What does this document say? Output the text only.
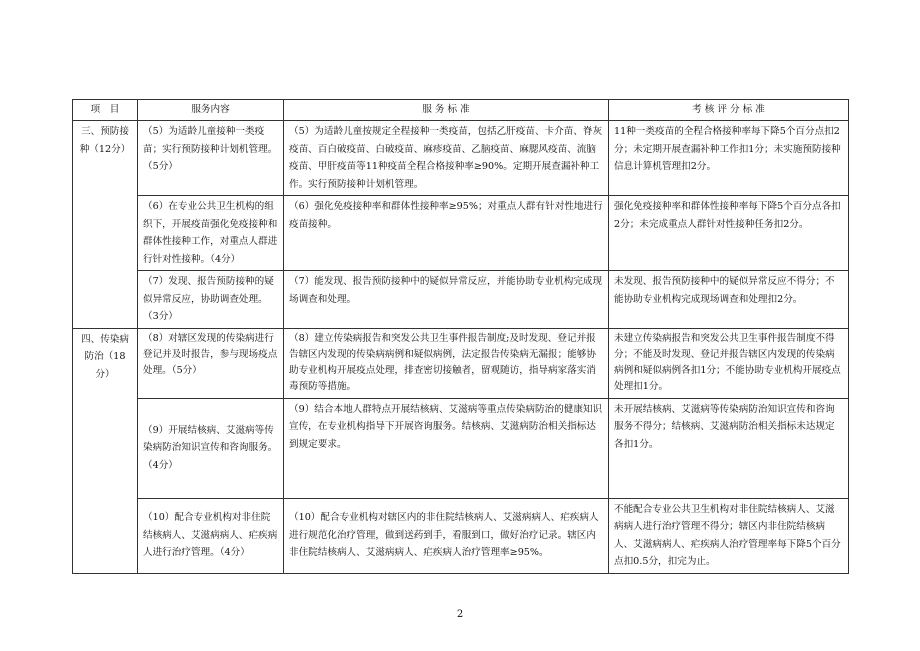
项　目	服务内容	服 务 标 准	考 核 评 分 标 准
三、预防接种（12分）	（5）为适龄儿童接种一类疫苗；实行预防接种计划机管理。（5分）	（5）为适龄儿童按规定全程接种一类疫苗，包括乙肝疫苗、卡介苗、脊灰疫苗、百白破疫苗、白破疫苗、麻疹疫苗、乙脑疫苗、麻腮风疫苗、流脑疫苗、甲肝疫苗等11种疫苗全程合格接种率≥90%。定期开展查漏补种工作。实行预防接种计划机管理。	11种一类疫苗的全程合格接种率每下降5个百分点扣2分；未定期开展查漏补种工作扣1分；未实施预防接种信息计算机管理扣2分。
	（6）在专业公共卫生机构的组织下，开展疫苗强化免疫接种和群体性接种工作，对重点人群进行针对性接种。（4分）	（6）强化免疫接种率和群体性接种率≥95%；对重点人群有针对性地进行疫苗接种。	强化免疫接种率和群体性接种率每下降5个百分点各扣2分；未完成重点人群针对性接种任务扣2分。
	（7）发现、报告预防接种的疑似异常反应，协助调查处理。（3分）	（7）能发现、报告预防接种中的疑似异常反应，并能协助专业机构完成现场调查和处理。	未发现、报告预防接种中的疑似异常反应不得分；不能协助专业机构完成现场调查和处理扣2分。
四、传染病防治（18分）	（8）对辖区发现的传染病进行登记并及时报告，参与现场疫点处理。（5分）	（8）建立传染病报告和突发公共卫生事件报告制度;及时发现、登记并报告辖区内发现的传染病病例和疑似病例，法定报告传染病无漏报；能够协助专业机构开展疫点处理，排查密切接触者，留观随访，指导病家落实消毒预防等措施。	未建立传染病报告和突发公共卫生事件报告制度不得分；不能及时发现、登记并报告辖区内发现的传染病病例和疑似病例各扣1分；不能协助专业机构开展疫点处理扣1分。
	（9）开展结核病、艾滋病等传染病防治知识宣传和咨询服务。（4分）	（9）结合本地人群特点开展结核病、艾滋病等重点传染病防治的健康知识宣传，在专业机构指导下开展咨询服务。结核病、艾滋病防治相关指标达到规定要求。	未开展结核病、艾滋病等传染病防治知识宣传和咨询服务不得分；结核病、艾滋病防治相关指标未达规定各扣1分。
	（10）配合专业机构对非住院结核病人、艾滋病病人、疟疾病人进行治疗管理。（4分）	（10）配合专业机构对辖区内的非住院结核病人、艾滋病病人、疟疾病人进行规范化治疗管理，做到送药到手，看服到口，做好治疗记录。辖区内非住院结核病人、艾滋病病人、疟疾病人治疗管理率≥95%。	不能配合专业公共卫生机构对非住院结核病人、艾滋病病人进行治疗管理不得分；辖区内非住院结核病人、艾滋病病人、疟疾病人治疗管理率每下降5个百分点扣0.5分，扣完为止。
2
